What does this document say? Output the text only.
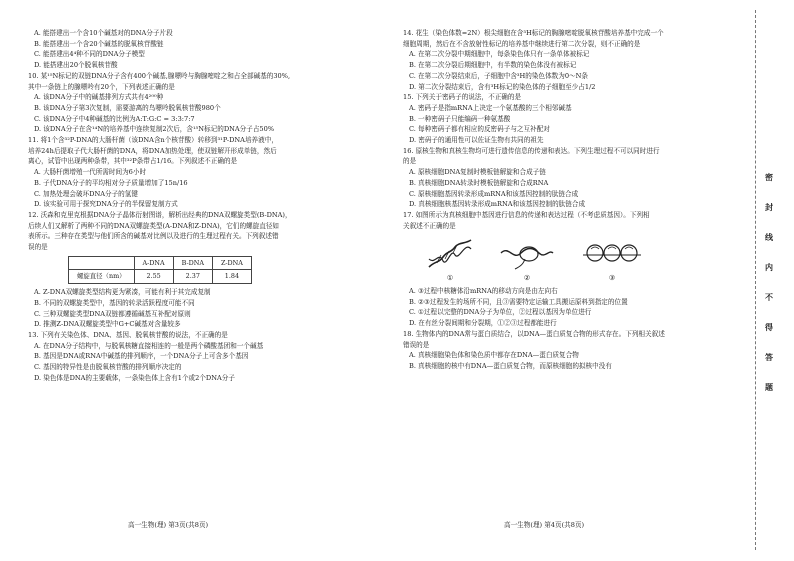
A. 能搭建出一个含10个碱基对的DNA分子片段

B. 能搭建出一个含20个碱基的脱氧核苷酸链

C. 能搭建出4⁴种不同的DNA分子模型

D. 能搭建出20个脱氧核苷酸

10. 某¹⁵N标记的双链DNA分子含有400个碱基,腺嘌呤与胸腺嘧啶之和占全部碱基的30%,

其中一条链上的腺嘌呤有20个，下列表述正确的是

A. 该DNA分子中的碱基排列方式共有4²⁰⁰种

B. 该DNA分子第3次复制，需要游离的鸟嘌呤脱氧核苷酸980个

C. 该DNA分子中4种碱基的比例为A:T:G:C = 3:3:7:7

D. 该DNA分子在含¹⁴N的培养基中连续复制2次后，含¹⁵N标记的DNA分子占50%

11. 将1个含³²P-DNA的大肠杆菌（该DNA含n个核苷酸）转移到³¹P-DNA培养液中，

培养24h后提取子代大肠杆菌的DNA，将DNA加热处理，使双链解开形成单链，然后

离心，试管中出现两种条带，其中³²P条带占1/16。下列叙述不正确的是

A. 大肠杆菌增殖一代所需时间为6小时

B. 子代DNA分子的平均相对分子质量增加了15n/16

C. 加热处理会破坏DNA分子的氢键

D. 该实验可用于探究DNA分子的半保留复制方式

12. 沃森和克里克根据DNA分子晶体衍射图谱，解析出经典的DNA双螺旋类型(B-DNA)，

后续人们又解析了两种不同的DNA双螺旋类型(A-DNA和Z-DNA)，它们的螺旋直径如

表所示。三种存在类型与他们所含的碱基对比例以及进行的生理过程有关。下列叙述错

误的是

	A-DNA	B-DNA	Z-DNA
螺旋直径（nm）	2.55	2.37	1.84

A. Z-DNA双螺旋类型结构更为紧凑，可能有利于其完成复制

B. 不同的双螺旋类型中，基因的转录活跃程度可能不同

C. 三种双螺旋类型DNA双链都遵循碱基互补配对原则

D. 推测Z-DNA双螺旋类型中G+C碱基对含量较多

13. 下列有关染色体、DNA、基因、脱氧核苷酸的说法，不正确的是

A. 在DNA分子结构中，与脱氧核糖直接相连的一般是两个磷酸基团和一个碱基

B. 基因是DNA或RNA中碱基的排列顺序，一个DNA分子上可含多个基因

C. 基因的特异性是由脱氧核苷酸的排列顺序决定的

D. 染色体是DNA的主要载体，一条染色体上含有1个或2个DNA分子

14. 花生（染色体数=2N）根尖细胞在含³H标记的胸腺嘧啶脱氧核苷酸培养基中完成一个

细胞周期，然后在不含放射性标记的培养基中继续进行第二次分裂，则不正确的是

A. 在第二次分裂中期细胞中，每条染色体只有一条单体被标记

B. 在第二次分裂后期细胞中，有半数的染色体没有被标记

C. 在第二次分裂结束后，子细胞中含³H的染色体数为0～N条

D. 第二次分裂结束后，含有³H标记的染色体的子细胞至少占1/2

15. 下列关于密码子的说法，不正确的是

A. 密码子是指mRNA上决定一个氨基酸的三个相邻碱基

B. 一种密码子只能编码一种氨基酸

C. 每种密码子都有相应的反密码子与之互补配对

D. 密码子的通用性可以佐证生物有共同的祖先

16. 原核生物和真核生物均可进行遗传信息的传递和表达。下列生理过程不可以同时进行

的是

A. 原核细胞DNA复制时模板链解旋和合成子链

B. 真核细胞DNA转录时模板链解旋和合成RNA

C. 原核细胞基因转录形成mRNA和该基因控制的肽链合成

D. 真核细胞核基因转录形成mRNA和该基因控制的肽链合成

17. 如图所示为真核细胞中基因进行信息的传递和表达过程（不考虑质基因）。下列相

关叙述不正确的是

①	②	③

A. ③过程中核糖体沿mRNA的移动方向是由左向右

B. ②③过程发生的场所不同，且③需要特定运输工具搬运原料到指定的位置

C. ①过程以完整的DNA分子为单位，②过程以基因为单位进行

D. 在有丝分裂间期和分裂期，①②③过程都能进行

18. 生物体内的DNA常与蛋白质结合，以DNA—蛋白质复合物的形式存在。下列相关叙述

错误的是

A. 真核细胞染色体和染色质中都存在DNA—蛋白质复合物

B. 真核细胞的核中有DNA—蛋白质复合物，而原核细胞的拟核中没有

高一生物(理) 第3页(共8页)	高一生物(理) 第4页(共8页)
密
封
线
内
不
得
答
题
